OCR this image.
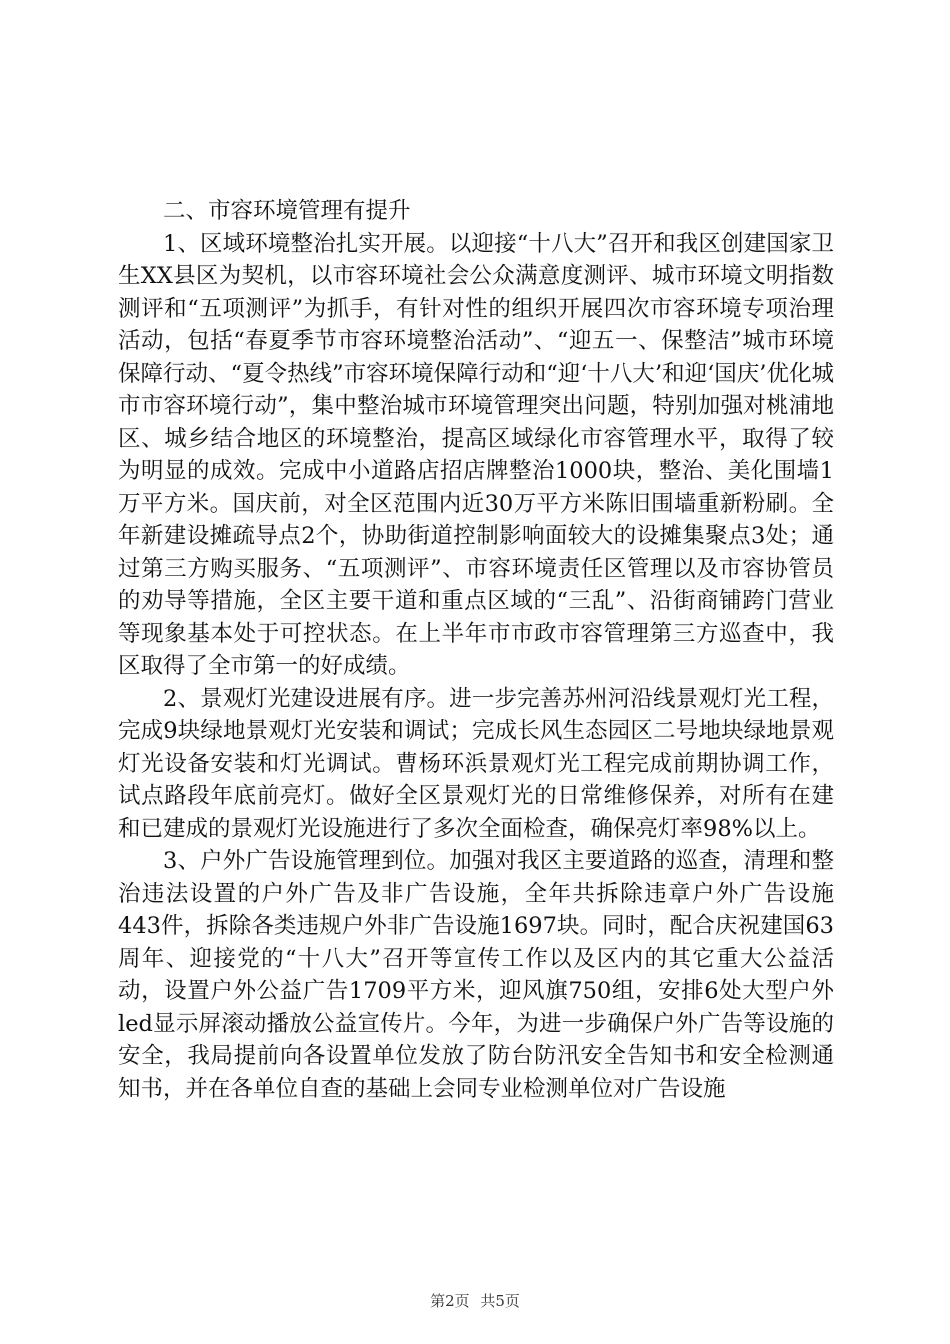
二、市容环境管理有提升

1、区域环境整治扎实开展。以迎接“十八大”召开和我区创建国家卫生XX县区为契机，以市容环境社会公众满意度测评、城市环境文明指数测评和“五项测评”为抓手，有针对性的组织开展四次市容环境专项治理活动，包括“春夏季节市容环境整治活动”、“迎五一、保整洁”城市环境保障行动、“夏令热线”市容环境保障行动和“迎‘十八大’和迎‘国庆’优化城市市容环境行动”，集中整治城市环境管理突出问题，特别加强对桃浦地区、城乡结合地区的环境整治，提高区域绿化市容管理水平，取得了较为明显的成效。完成中小道路店招店牌整治1000块，整治、美化围墙1万平方米。国庆前，对全区范围内近30万平方米陈旧围墙重新粉刷。全年新建设摊疏导点2个，协助街道控制影响面较大的设摊集聚点3处；通过第三方购买服务、“五项测评”、市容环境责任区管理以及市容协管员的劝导等措施，全区主要干道和重点区域的“三乱”、沿街商铺跨门营业等现象基本处于可控状态。在上半年市市政市容管理第三方巡查中，我区取得了全市第一的好成绩。

2、景观灯光建设进展有序。进一步完善苏州河沿线景观灯光工程，完成9块绿地景观灯光安装和调试；完成长风生态园区二号地块绿地景观灯光设备安装和灯光调试。曹杨环浜景观灯光工程完成前期协调工作，试点路段年底前亮灯。做好全区景观灯光的日常维修保养，对所有在建和已建成的景观灯光设施进行了多次全面检查，确保亮灯率98%以上。

3、户外广告设施管理到位。加强对我区主要道路的巡查，清理和整治违法设置的户外广告及非广告设施，全年共拆除违章户外广告设施443件，拆除各类违规户外非广告设施1697块。同时，配合庆祝建国63周年、迎接党的“十八大”召开等宣传工作以及区内的其它重大公益活动，设置户外公益广告1709平方米，迎风旗750组，安排6处大型户外led显示屏滚动播放公益宣传片。今年，为进一步确保户外广告等设施的安全，我局提前向各设置单位发放了防台防汛安全告知书和安全检测通知书，并在各单位自查的基础上会同专业检测单位对广告设施

第2页 共5页
